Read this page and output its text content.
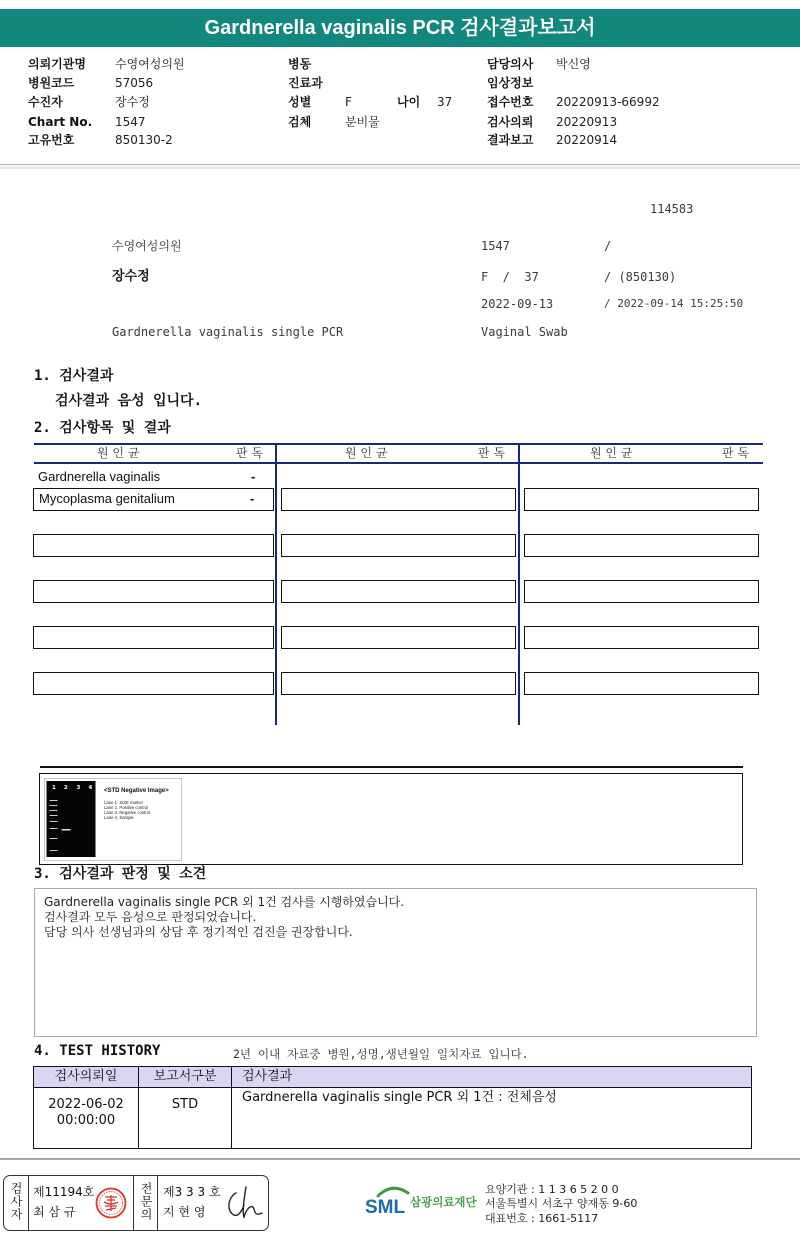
Gardnerella vaginalis PCR 검사결과보고서
의뢰기관명 수영여성의원
병원코드	57056
수진자	장수정
Chart No. 1547
고유번호	850130-2
병동
진료과
성별	F	나이 37
검체	분비물
담당의사 박신영
임상정보
접수번호 20220913-66992
검사의뢰 20220913
결과보고 20220914
114583
수영여성의원	1547	/
장수정	F  /  37	/ (850130)
2022-09-13	/ 2022-09-14 15:25:50
Gardnerella vaginalis single PCR	Vaginal Swab
1. 검사결과
검사결과 음성 입니다.
2. 검사항목 및 결과
원 인 균	판 독	원 인 균	판 독	원 인 균	판 독
Gardnerella vaginalis	-
Mycoplasma genitalium	-
1 2 3 4 <STD Negative Image>
Lane 1. SIZE marker
Lane 2. Positive control
Lane 3. Negative control
Lane 4. Sample
3. 검사결과 판정 및 소견
Gardnerella vaginalis single PCR 외 1건 검사를 시행하였습니다.
검사결과 모두 음성으로 판정되었습니다.
담당 의사 선생님과의 상담 후 정기적인 검진을 권장합니다.
4. TEST HISTORY	2년 이내 자료중 병원,성명,생년월일 일치자료 입니다.
검사의뢰일	보고서구분	검사결과

2022-06-02
00:00:00	STD	Gardnerella vaginalis single PCR 외 1건 : 전체음성
검사자 제11194호
최 삼 규	전문의 제3 3 3 호
지 현 영	SML 삼광의료재단
요양기관 : 1 1 3 6 5 2 0 0
서울특별시 서초구 양재동 9-60
대표번호 : 1661-5117
